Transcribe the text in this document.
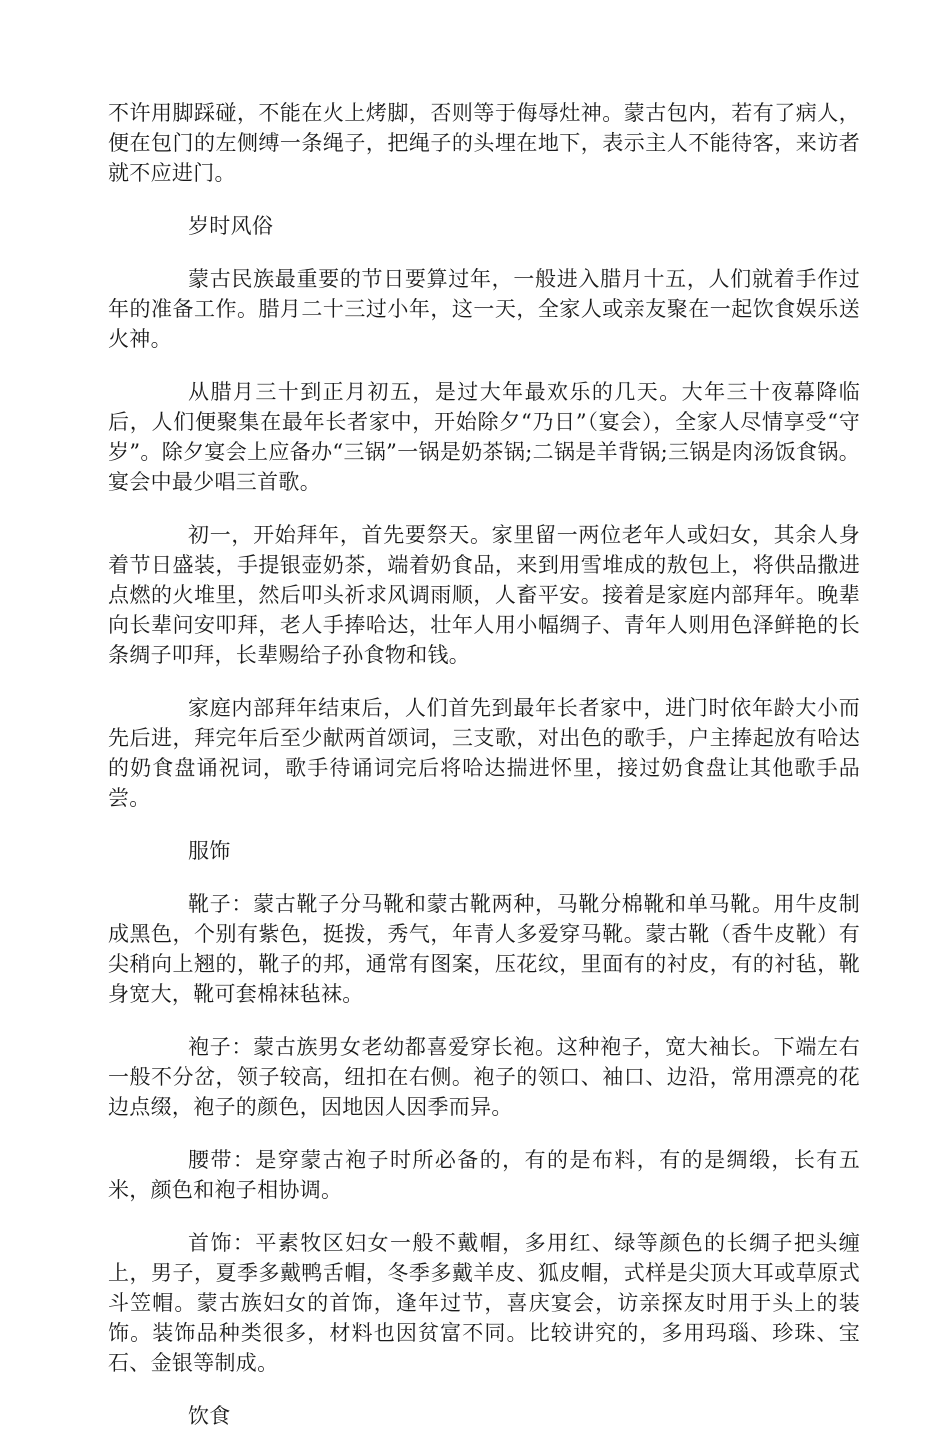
不许用脚踩碰，不能在火上烤脚，否则等于侮辱灶神。蒙古包内，若有了病人，便在包门的左侧缚一条绳子，把绳子的头埋在地下，表示主人不能待客，来访者就不应进门。

岁时风俗

蒙古民族最重要的节日要算过年，一般进入腊月十五，人们就着手作过年的准备工作。腊月二十三过小年，这一天，全家人或亲友聚在一起饮食娱乐送火神。

从腊月三十到正月初五，是过大年最欢乐的几天。大年三十夜幕降临后，人们便聚集在最年长者家中，开始除夕“乃日”（宴会），全家人尽情享受“守岁”。除夕宴会上应备办“三锅”一锅是奶茶锅;二锅是羊背锅;三锅是肉汤饭食锅。宴会中最少唱三首歌。

初一，开始拜年，首先要祭天。家里留一两位老年人或妇女，其余人身着节日盛装，手提银壶奶茶，端着奶食品，来到用雪堆成的敖包上，将供品撒进点燃的火堆里，然后叩头祈求风调雨顺，人畜平安。接着是家庭内部拜年。晚辈向长辈问安叩拜，老人手捧哈达，壮年人用小幅绸子、青年人则用色泽鲜艳的长条绸子叩拜，长辈赐给子孙食物和钱。

家庭内部拜年结束后，人们首先到最年长者家中，进门时依年龄大小而先后进，拜完年后至少献两首颂词，三支歌，对出色的歌手，户主捧起放有哈达的奶食盘诵祝词，歌手待诵词完后将哈达揣进怀里，接过奶食盘让其他歌手品尝。

服饰

靴子：蒙古靴子分马靴和蒙古靴两种，马靴分棉靴和单马靴。用牛皮制成黑色，个别有紫色，挺拨，秀气，年青人多爱穿马靴。蒙古靴（香牛皮靴）有尖稍向上翘的，靴子的邦，通常有图案，压花纹，里面有的衬皮，有的衬毡，靴身宽大，靴可套棉袜毡袜。

袍子：蒙古族男女老幼都喜爱穿长袍。这种袍子，宽大袖长。下端左右一般不分岔，领子较高，纽扣在右侧。袍子的领口、袖口、边沿，常用漂亮的花边点缀，袍子的颜色，因地因人因季而异。

腰带：是穿蒙古袍子时所必备的，有的是布料，有的是绸缎，长有五米，颜色和袍子相协调。

首饰：平素牧区妇女一般不戴帽，多用红、绿等颜色的长绸子把头缠上，男子，夏季多戴鸭舌帽，冬季多戴羊皮、狐皮帽，式样是尖顶大耳或草原式斗笠帽。蒙古族妇女的首饰，逢年过节，喜庆宴会，访亲探友时用于头上的装饰。装饰品种类很多，材料也因贫富不同。比较讲究的，多用玛瑙、珍珠、宝石、金银等制成。

饮食
